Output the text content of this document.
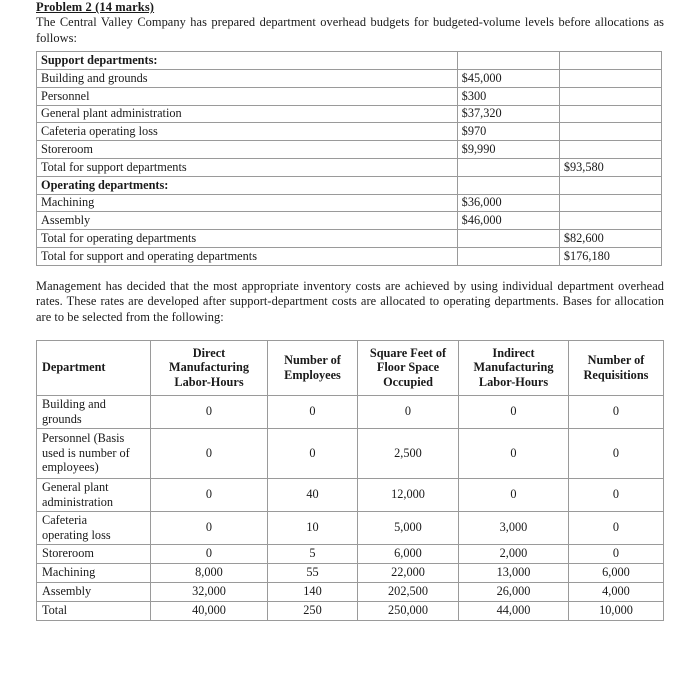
Problem 2 (14 marks)

The Central Valley Company has prepared department overhead budgets for budgeted-volume levels before allocations as follows:

Support departments:		
Building and grounds	$45,000	
Personnel	$300	
General plant administration	$37,320	
Cafeteria operating loss	$970	
Storeroom	$9,990	
Total for support departments		$93,580
Operating departments:		
Machining	$36,000	
Assembly	$46,000	
Total for operating departments		$82,600
Total for support and operating departments		$176,180

Management has decided that the most appropriate inventory costs are achieved by using individual department overhead rates. These rates are developed after support-department costs are allocated to operating departments. Bases for allocation are to be selected from the following:

Department	Direct
Manufacturing
Labor-Hours	Number of
Employees	Square Feet of
Floor Space
Occupied	Indirect
Manufacturing
Labor-Hours	Number of
Requisitions
Building and
grounds	0	0	0	0	0
Personnel (Basis
used is number of
employees)	0	0	2,500	0	0
General plant
administration	0	40	12,000	0	0
Cafeteria
operating loss	0	10	5,000	3,000	0
Storeroom	0	5	6,000	2,000	0
Machining	8,000	55	22,000	13,000	6,000
Assembly	32,000	140	202,500	26,000	4,000
Total	40,000	250	250,000	44,000	10,000
